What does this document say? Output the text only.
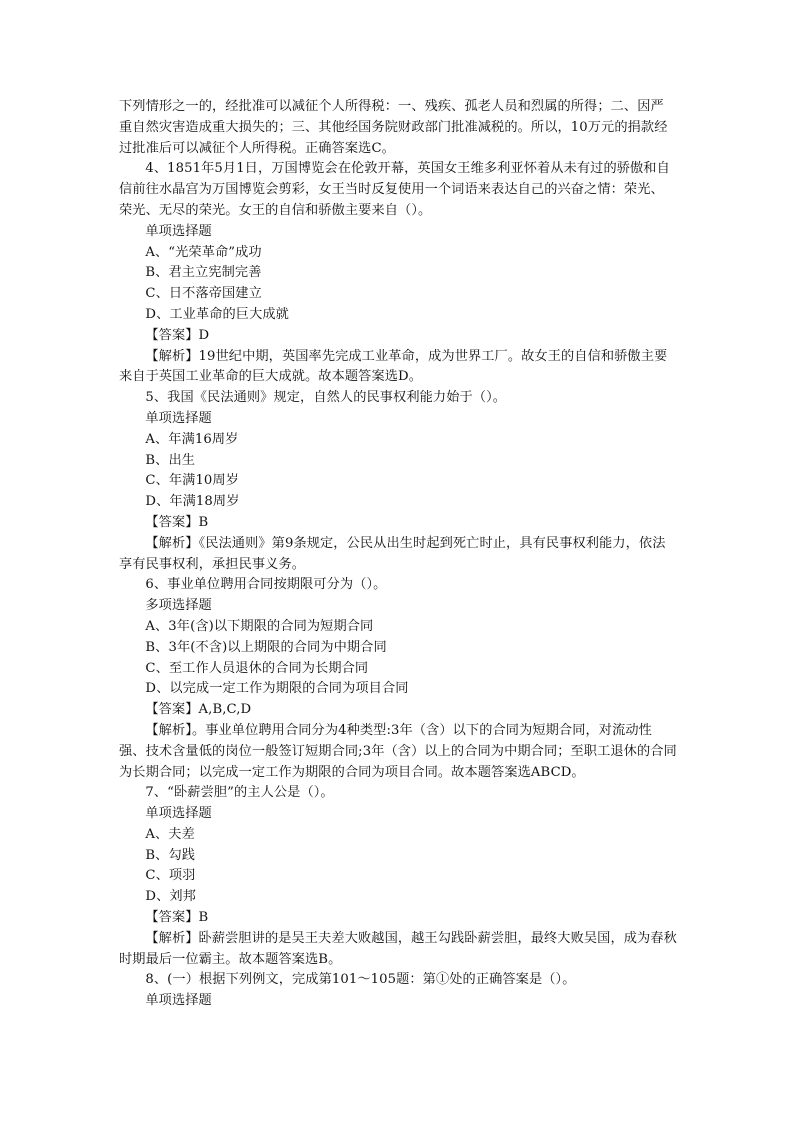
下列情形之一的，经批准可以减征个人所得税：一、残疾、孤老人员和烈属的所得；二、因严重自然灾害造成重大损失的；三、其他经国务院财政部门批准减税的。所以，10万元的捐款经过批准后可以减征个人所得税。正确答案选C。

4、1851年5月1日，万国博览会在伦敦开幕，英国女王维多利亚怀着从未有过的骄傲和自信前往水晶宫为万国博览会剪彩，女王当时反复使用一个词语来表达自己的兴奋之情：荣光、荣光、无尽的荣光。女王的自信和骄傲主要来自（）。

单项选择题

A、“光荣革命”成功

B、君主立宪制完善

C、日不落帝国建立

D、工业革命的巨大成就

【答案】D

【解析】19世纪中期，英国率先完成工业革命，成为世界工厂。故女王的自信和骄傲主要来自于英国工业革命的巨大成就。故本题答案选D。

5、我国《民法通则》规定，自然人的民事权利能力始于（）。

单项选择题

A、年满16周岁

B、出生

C、年满10周岁

D、年满18周岁

【答案】B

【解析】《民法通则》第9条规定，公民从出生时起到死亡时止，具有民事权利能力，依法享有民事权利，承担民事义务。

6、事业单位聘用合同按期限可分为（）。

多项选择题

A、3年(含)以下期限的合同为短期合同

B、3年(不含)以上期限的合同为中期合同

C、至工作人员退休的合同为长期合同

D、以完成一定工作为期限的合同为项目合同

【答案】A,B,C,D

【解析】。事业单位聘用合同分为4种类型:3年（含）以下的合同为短期合同，对流动性强、技术含量低的岗位一般签订短期合同;3年（含）以上的合同为中期合同；至职工退休的合同为长期合同；以完成一定工作为期限的合同为项目合同。故本题答案选ABCD。

7、“卧薪尝胆”的主人公是（）。

单项选择题

A、夫差

B、勾践

C、项羽

D、刘邦

【答案】B

【解析】卧薪尝胆讲的是吴王夫差大败越国，越王勾践卧薪尝胆，最终大败吴国，成为春秋时期最后一位霸主。故本题答案选B。

8、(一）根据下列例文，完成第101～105题：第①处的正确答案是（）。

单项选择题
